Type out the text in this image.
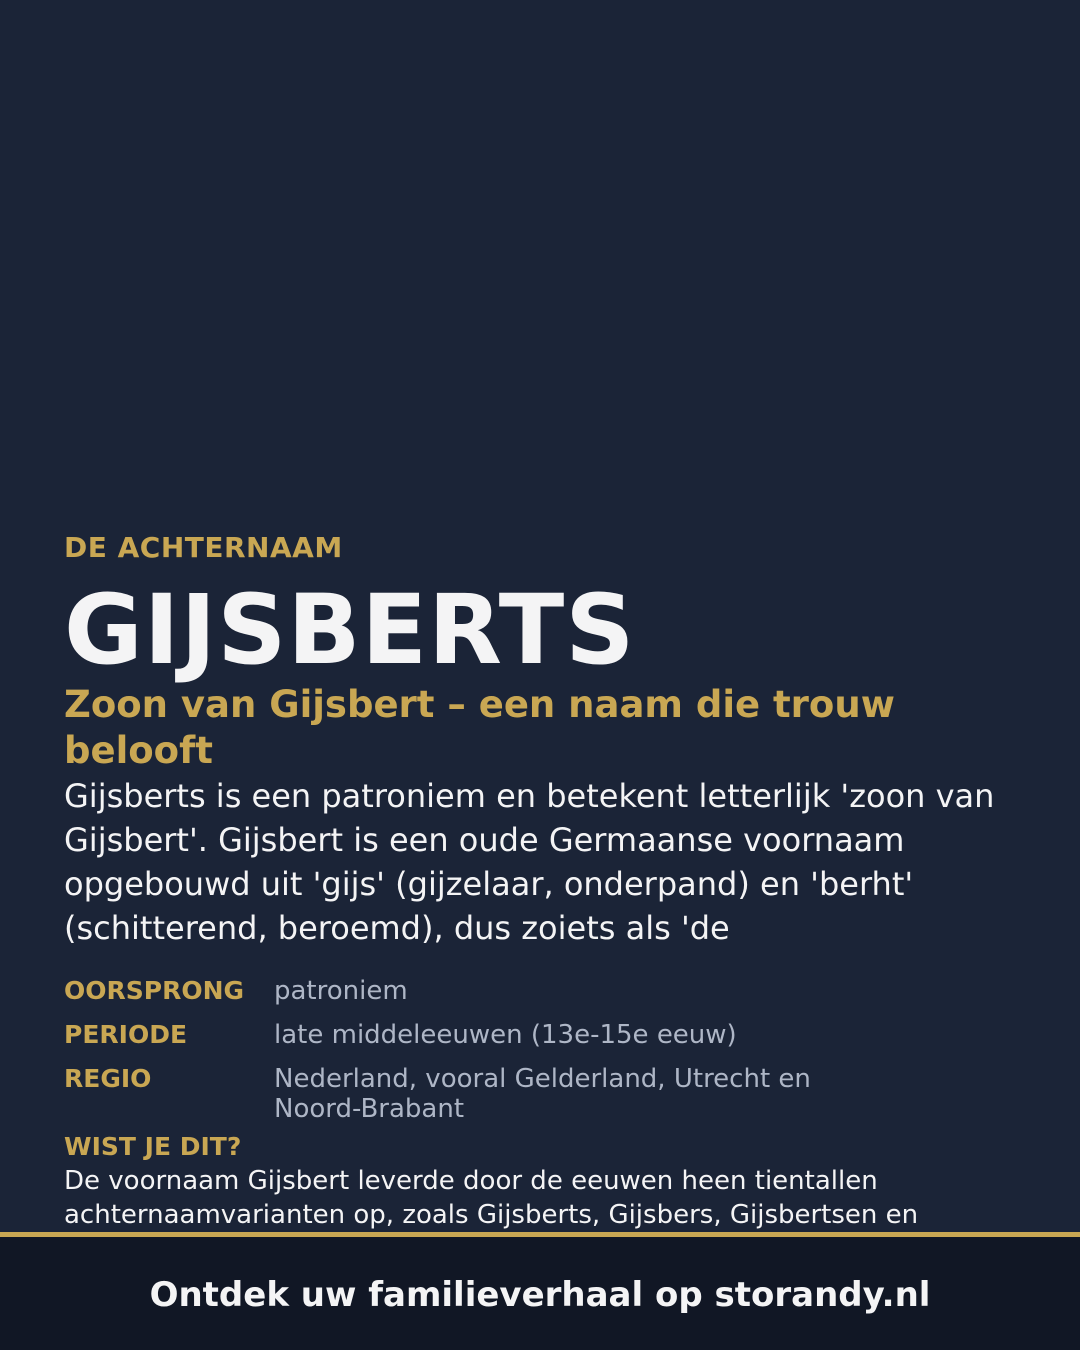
DE ACHTERNAAM

GIJSBERTS
Zoon van Gijsbert – een naam die trouw belooft

Gijsberts is een patroniem en betekent letterlijk 'zoon van Gijsbert'. Gijsbert is een oude Germaanse voornaam opgebouwd uit 'gijs' (gijzelaar, onderpand) en 'berht' (schitterend, beroemd), dus zoiets als 'de

OORSPRONG	patroniem
PERIODE	late middeleeuwen (13e-15e eeuw)
REGIO	Nederland, vooral Gelderland, Utrecht en Noord-Brabant

WIST JE DIT?

De voornaam Gijsbert leverde door de eeuwen heen tientallen achternaamvarianten op, zoals Gijsberts, Gijsbers, Gijsbertsen en

Ontdek uw familieverhaal op storandy.nl
